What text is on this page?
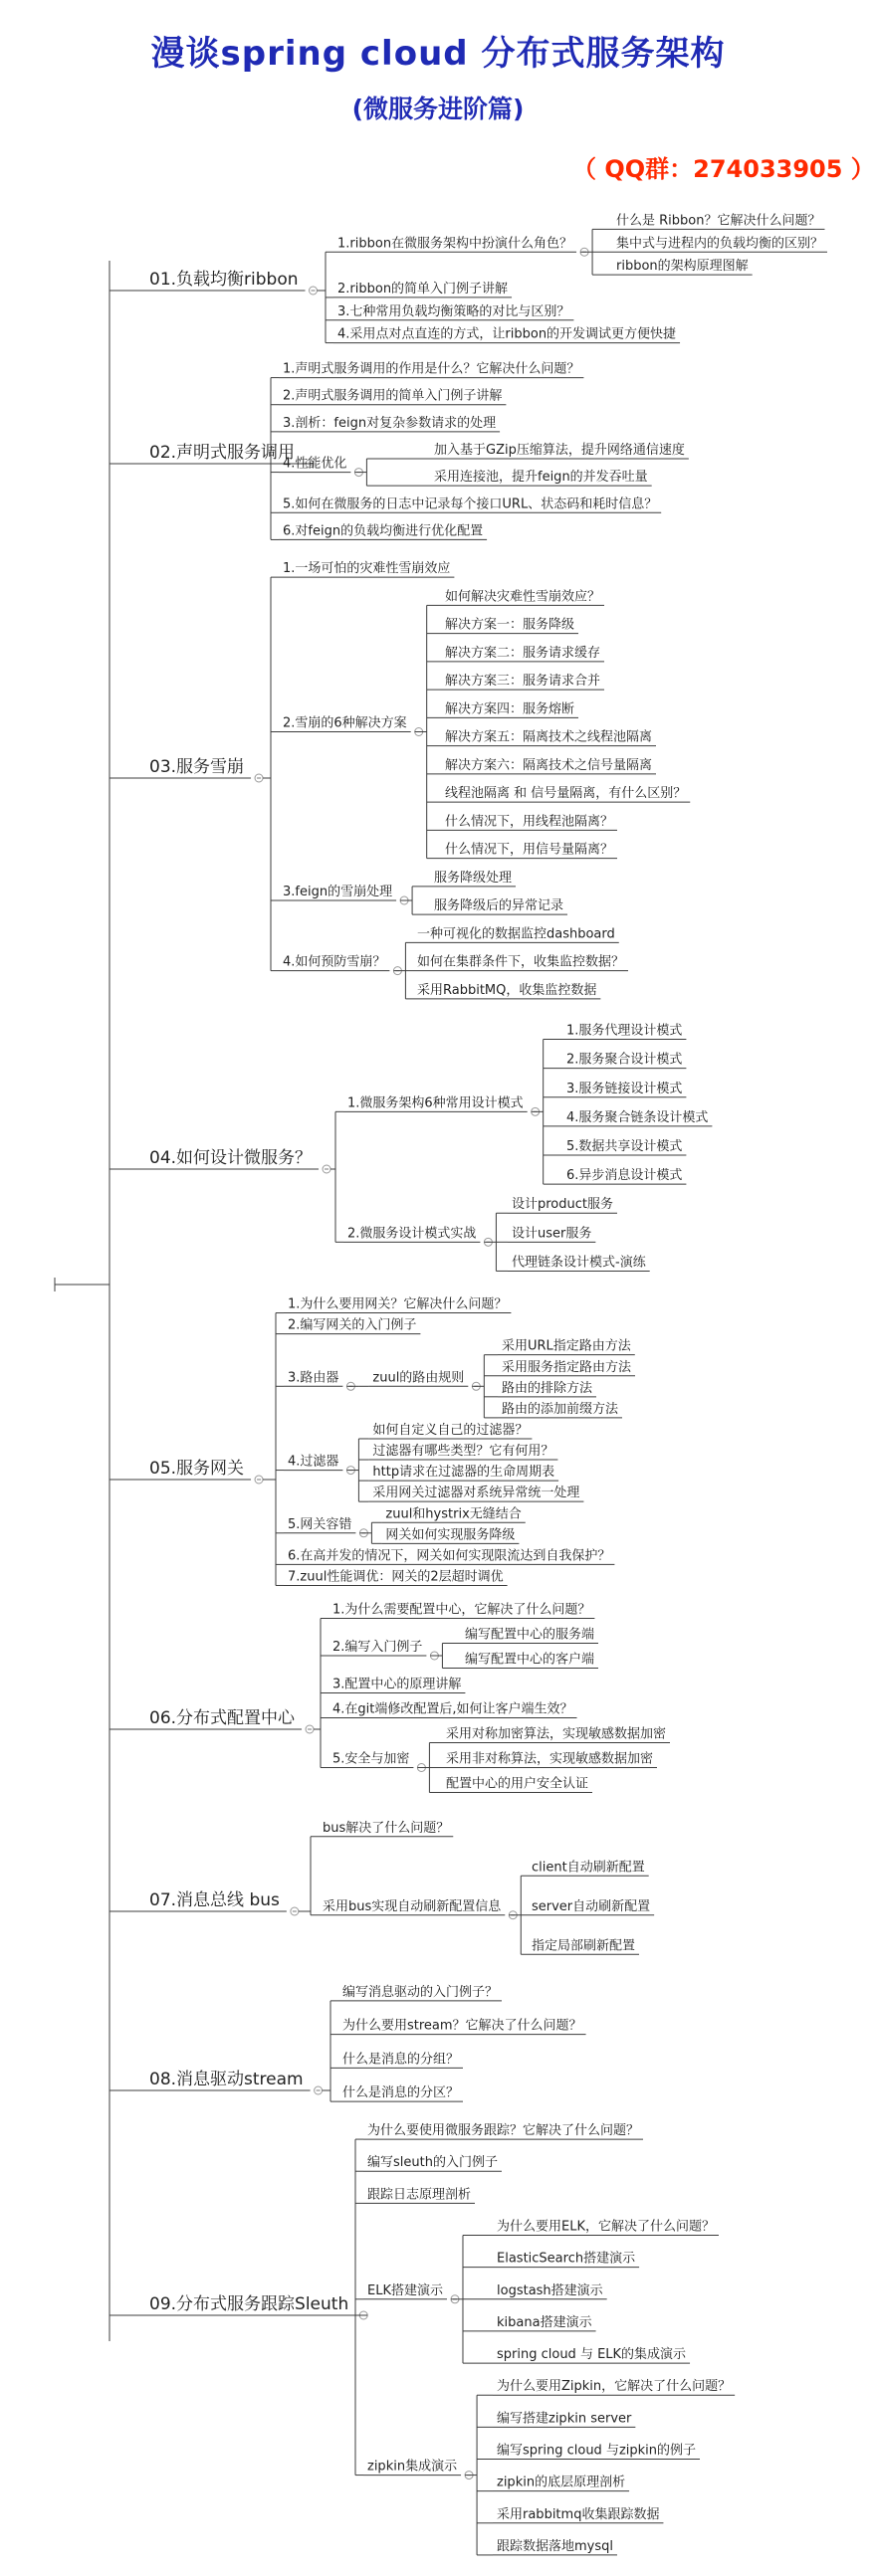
漫谈spring cloud 分布式服务架构
(微服务进阶篇)
（ QQ群：274033905 ）
01.负载均衡ribbon
1.ribbon在微服务架构中扮演什么角色？
什么是 Ribbon？它解决什么问题？
集中式与进程内的负载均衡的区别？
ribbon的架构原理图解
2.ribbon的简单入门例子讲解
3.七种常用负载均衡策略的对比与区别？
4.采用点对点直连的方式，让ribbon的开发调试更方便快捷
02.声明式服务调用
1.声明式服务调用的作用是什么？它解决什么问题？
2.声明式服务调用的简单入门例子讲解
3.剖析：feign对复杂参数请求的处理
4.性能优化
加入基于GZip压缩算法，提升网络通信速度
采用连接池，提升feign的并发吞吐量
5.如何在微服务的日志中记录每个接口URL、状态码和耗时信息？
6.对feign的负载均衡进行优化配置
03.服务雪崩
1.一场可怕的灾难性雪崩效应
2.雪崩的6种解决方案
如何解决灾难性雪崩效应？
解决方案一：服务降级
解决方案二：服务请求缓存
解决方案三：服务请求合并
解决方案四：服务熔断
解决方案五：隔离技术之线程池隔离
解决方案六：隔离技术之信号量隔离
线程池隔离 和 信号量隔离，有什么区别？
什么情况下，用线程池隔离？
什么情况下，用信号量隔离？
3.feign的雪崩处理
服务降级处理
服务降级后的异常记录
4.如何预防雪崩？
一种可视化的数据监控dashboard
如何在集群条件下，收集监控数据？
采用RabbitMQ，收集监控数据
04.如何设计微服务？
1.微服务架构6种常用设计模式
1.服务代理设计模式
2.服务聚合设计模式
3.服务链接设计模式
4.服务聚合链条设计模式
5.数据共享设计模式
6.异步消息设计模式
2.微服务设计模式实战
设计product服务
设计user服务
代理链条设计模式-演练
05.服务网关
1.为什么要用网关？它解决什么问题？
2.编写网关的入门例子
3.路由器	zuul的路由规则
采用URL指定路由方法
采用服务指定路由方法
路由的排除方法
路由的添加前缀方法
4.过滤器
如何自定义自己的过滤器？
过滤器有哪些类型？它有何用？
http请求在过滤器的生命周期表
采用网关过滤器对系统异常统一处理
5.网关容错
zuul和hystrix无缝结合
网关如何实现服务降级
6.在高并发的情况下，网关如何实现限流达到自我保护？
7.zuul性能调优：网关的2层超时调优
06.分布式配置中心
1.为什么需要配置中心，它解决了什么问题？
2.编写入门例子
编写配置中心的服务端
编写配置中心的客户端
3.配置中心的原理讲解
4.在git端修改配置后,如何让客户端生效？
5.安全与加密
采用对称加密算法，实现敏感数据加密
采用非对称算法，实现敏感数据加密
配置中心的用户安全认证
07.消息总线 bus
bus解决了什么问题？
采用bus实现自动刷新配置信息
client自动刷新配置
server自动刷新配置
指定局部刷新配置
08.消息驱动stream
编写消息驱动的入门例子？
为什么要用stream？它解决了什么问题？
什么是消息的分组？
什么是消息的分区？
09.分布式服务跟踪Sleuth
为什么要使用微服务跟踪？它解决了什么问题？
编写sleuth的入门例子
跟踪日志原理剖析
ELK搭建演示
为什么要用ELK，它解决了什么问题？
ElasticSearch搭建演示
logstash搭建演示
kibana搭建演示
spring cloud 与 ELK的集成演示
zipkin集成演示
为什么要用Zipkin，它解决了什么问题？
编写搭建zipkin server
编写spring cloud 与zipkin的例子
zipkin的底层原理剖析
采用rabbitmq收集跟踪数据
跟踪数据落地mysql
